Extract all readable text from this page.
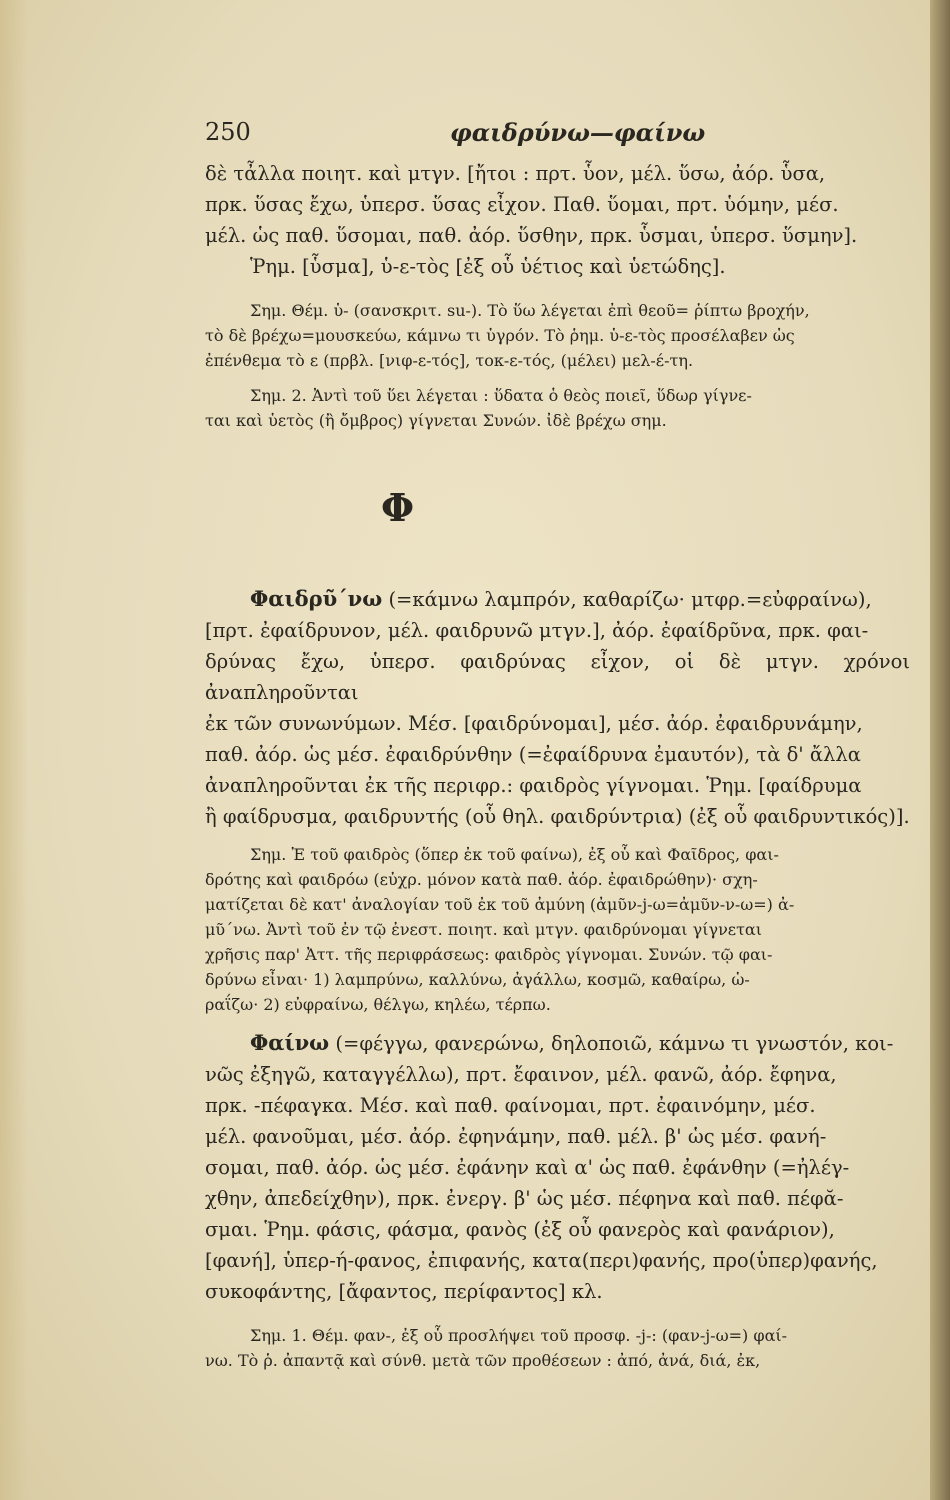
250	φαιδρύνω—φαίνω

δὲ τἆλλα ποιητ. καὶ μτγν. [ἤτοι : πρτ. ὗον, μέλ. ὕσω, ἀόρ. ὗσα,

πρκ. ὕσας ἔχω, ὑπερσ. ὕσας εἶχον. Παθ. ὕομαι, πρτ. ὑόμην, μέσ.

μέλ. ὡς παθ. ὕσομαι, παθ. ἀόρ. ὕσθην, πρκ. ὗσμαι, ὑπερσ. ὕσμην].

Ῥημ. [ὗσμα], ὑ-ε-τὸς [ἐξ οὗ ὑέτιος καὶ ὑετώδης].

Σημ. Θέμ. ὑ- (σανσκριτ. su-). Τὸ ὕω λέγεται ἐπὶ θεοῦ= ῥίπτω βροχήν,

τὸ δὲ βρέχω=μουσκεύω, κάμνω τι ὑγρόν. Τὸ ῥημ. ὑ-ε-τὸς προσέλαβεν ὡς

ἐπένθεμα τὸ ε (πρβλ. [νιφ-ε-τός], τοκ-ε-τός, (μέλει) μελ-έ-τη.

Σημ. 2. Ἀντὶ τοῦ ὕει λέγεται : ὕδατα ὁ θεὸς ποιεῖ, ὕδωρ γίγνε-

ται καὶ ὑετὸς (ἢ ὄμβρος) γίγνεται Συνών. ἰδὲ βρέχω σημ.

Φ

Φαιδρῦ΄νω (=κάμνω λαμπρόν, καθαρίζω· μτφρ.=εὐφραίνω),

[πρτ. ἐφαίδρυνον, μέλ. φαιδρυνῶ μτγν.], ἀόρ. ἐφαίδρῦνα, πρκ. φαι-

δρύνας ἔχω, ὑπερσ. φαιδρύνας εἶχον, οἱ δὲ μτγν. χρόνοι ἀναπληροῦνται

ἐκ τῶν συνωνύμων. Μέσ. [φαιδρύνομαι], μέσ. ἀόρ. ἐφαιδρυνάμην,

παθ. ἀόρ. ὡς μέσ. ἐφαιδρύνθην (=ἐφαίδρυνα ἐμαυτόν), τὰ δ' ἄλλα

ἀναπληροῦνται ἐκ τῆς περιφρ.: φαιδρὸς γίγνομαι. Ῥημ. [φαίδρυμα

ἢ φαίδρυσμα, φαιδρυντής (οὗ θηλ. φαιδρύντρια) (ἐξ οὗ φαιδρυντικός)].

Σημ. Ἐ τοῦ φαιδρὸς (ὅπερ ἐκ τοῦ φαίνω), ἐξ οὗ καὶ Φαῖδρος, φαι-

δρότης καὶ φαιδρόω (εὐχρ. μόνον κατὰ παθ. ἀόρ. ἐφαιδρώθην)· σχη-

ματίζεται δὲ κατ' ἀναλογίαν τοῦ ἐκ τοῦ ἀμύνη (ἀμῦν-j-ω=ἀμῦν-ν-ω=) ἀ-

μῦ΄νω. Ἀντὶ τοῦ ἐν τῷ ἐνεστ. ποιητ. καὶ μτγν. φαιδρύνομαι γίγνεται

χρῆσις παρ' Ἀττ. τῆς περιφράσεως: φαιδρὸς γίγνομαι. Συνών. τῷ φαι-

δρύνω εἶναι· 1) λαμπρύνω, καλλύνω, ἀγάλλω, κοσμῶ, καθαίρω, ὡ-

ραΐζω· 2) εὐφραίνω, θέλγω, κηλέω, τέρπω.

Φαίνω (=φέγγω, φανερώνω, δηλοποιῶ, κάμνω τι γνωστόν, κοι-

νῶς ἐξηγῶ, καταγγέλλω), πρτ. ἔφαινον, μέλ. φανῶ, ἀόρ. ἔφηνα,

πρκ. -πέφαγκα. Μέσ. καὶ παθ. φαίνομαι, πρτ. ἐφαινόμην, μέσ.

μέλ. φανοῦμαι, μέσ. ἀόρ. ἐφηνάμην, παθ. μέλ. β' ὡς μέσ. φανή-

σομαι, παθ. ἀόρ. ὡς μέσ. ἐφάνην καὶ α' ὡς παθ. ἐφάνθην (=ἠλέγ-

χθην, ἀπεδείχθην), πρκ. ἐνεργ. β' ὡς μέσ. πέφηνα καὶ παθ. πέφᾰ-

σμαι. Ῥημ. φάσις, φάσμα, φανὸς (ἐξ οὗ φανερὸς καὶ φανάριον),

[φανή], ὑπερ-ή-φανος, ἐπιφανής, κατα(περι)φανής, προ(ὑπερ)φανής,

συκοφάντης, [ἄφαντος, περίφαντος] κλ.

Σημ. 1. Θέμ. φαν-, ἐξ οὗ προσλήψει τοῦ προσφ. -j-: (φαν-j-ω=) φαί-

νω. Τὸ ῥ. ἀπαντᾷ καὶ σύνθ. μετὰ τῶν προθέσεων : ἀπό, ἀνά, διά, ἐκ,
